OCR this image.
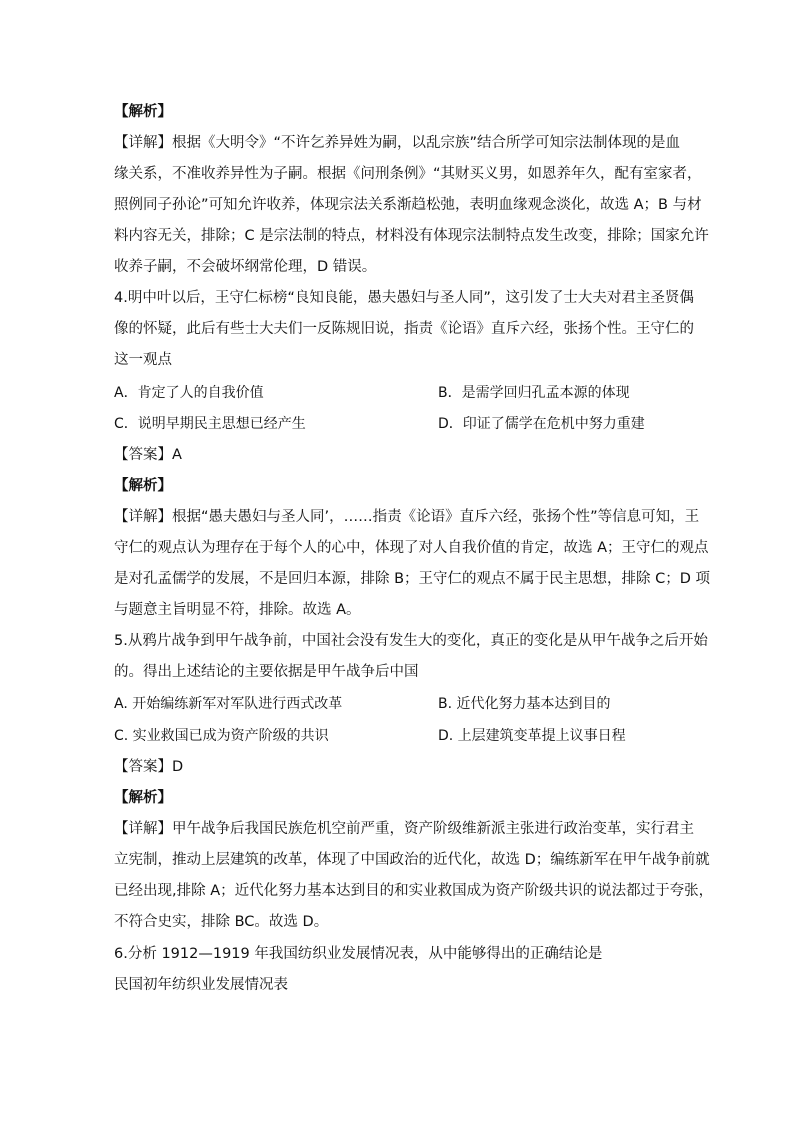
【解析】
【详解】根据《大明令》“不许乞养异姓为嗣，以乱宗族”结合所学可知宗法制体现的是血
缘关系，不准收养异性为子嗣。根据《问刑条例》“其财买义男，如恩养年久，配有室家者，
照例同子孙论”可知允许收养，体现宗法关系渐趋松弛，表明血缘观念淡化，故选 A；B 与材
料内容无关，排除；C 是宗法制的特点，材料没有体现宗法制特点发生改变，排除；国家允许
收养子嗣，不会破坏纲常伦理，D 错误。
4.明中叶以后，王守仁标榜“良知良能，愚夫愚妇与圣人同”，这引发了士大夫对君主圣贤偶
像的怀疑，此后有些士大夫们一反陈规旧说，指责《论语》直斥六经，张扬个性。王守仁的
这一观点
A．肯定了人的自我价值	B．是需学回归孔孟本源的体现
C．说明早期民主思想已经产生	D．印证了儒学在危机中努力重建
【答案】A
【解析】
【详解】根据“愚夫愚妇与圣人同’，……指责《论语》直斥六经，张扬个性”等信息可知，王
守仁的观点认为理存在于每个人的心中，体现了对人自我价值的肯定，故选 A；王守仁的观点
是对孔孟儒学的发展，不是回归本源，排除 B；王守仁的观点不属于民主思想，排除 C；D 项
与题意主旨明显不符，排除。故选 A。
5.从鸦片战争到甲午战争前，中国社会没有发生大的变化，真正的变化是从甲午战争之后开始
的。得出上述结论的主要依据是甲午战争后中国
A. 开始编练新军对军队进行西式改革	B. 近代化努力基本达到目的
C. 实业救国已成为资产阶级的共识	D. 上层建筑变革提上议事日程
【答案】D
【解析】
【详解】甲午战争后我国民族危机空前严重，资产阶级维新派主张进行政治变革，实行君主
立宪制，推动上层建筑的改革，体现了中国政治的近代化，故选 D；编练新军在甲午战争前就
已经出现,排除 A；近代化努力基本达到目的和实业救国成为资产阶级共识的说法都过于夸张，
不符合史实，排除 BC。故选 D。
6.分析 1912—1919 年我国纺织业发展情况表，从中能够得出的正确结论是
民国初年纺织业发展情况表
